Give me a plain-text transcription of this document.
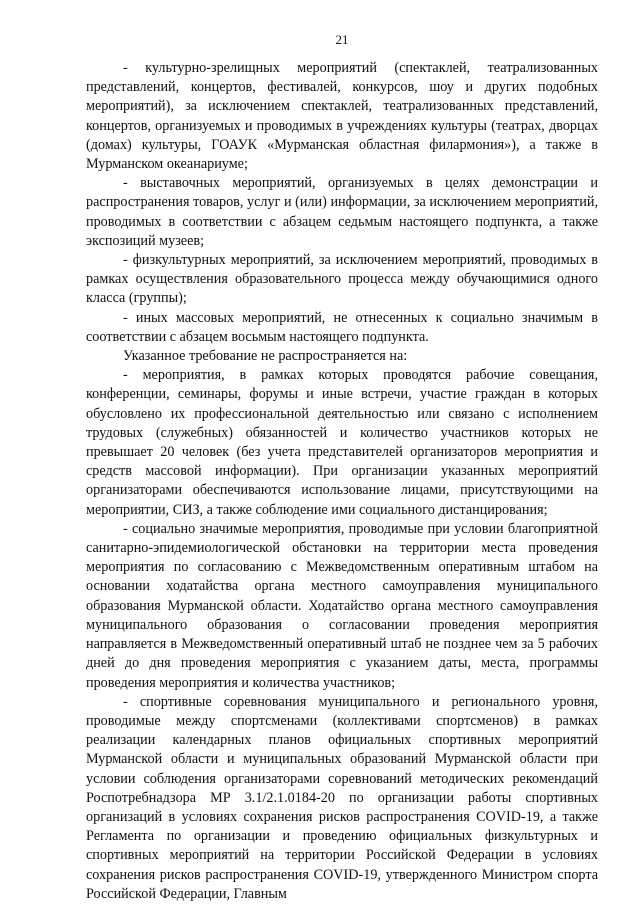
21

- культурно-зрелищных мероприятий (спектаклей, театрализованных представлений, концертов, фестивалей, конкурсов, шоу и других подобных мероприятий), за исключением спектаклей, театрализованных представлений, концертов, организуемых и проводимых в учреждениях культуры (театрах, дворцах (домах) культуры, ГОАУК «Мурманская областная филармония»), а также в Мурманском океанариуме;

- выставочных мероприятий, организуемых в целях демонстрации и распространения товаров, услуг и (или) информации, за исключением мероприятий, проводимых в соответствии с абзацем седьмым настоящего подпункта, а также экспозиций музеев;

- физкультурных мероприятий, за исключением мероприятий, проводимых в рамках осуществления образовательного процесса между обучающимися одного класса (группы);

- иных массовых мероприятий, не отнесенных к социально значимым в соответствии с абзацем восьмым настоящего подпункта.

Указанное требование не распространяется на:

- мероприятия, в рамках которых проводятся рабочие совещания, конференции, семинары, форумы и иные встречи, участие граждан в которых обусловлено их профессиональной деятельностью или связано с исполнением трудовых (служебных) обязанностей и количество участников которых не превышает 20 человек (без учета представителей организаторов мероприятия и средств массовой информации). При организации указанных мероприятий организаторами обеспечиваются использование лицами, присутствующими на мероприятии, СИЗ, а также соблюдение ими социального дистанцирования;

- социально значимые мероприятия, проводимые при условии благоприятной санитарно-эпидемиологической обстановки на территории места проведения мероприятия по согласованию с Межведомственным оперативным штабом на основании ходатайства органа местного самоуправления муниципального образования Мурманской области. Ходатайство органа местного самоуправления муниципального образования о согласовании проведения мероприятия направляется в Межведомственный оперативный штаб не позднее чем за 5 рабочих дней до дня проведения мероприятия с указанием даты, места, программы проведения мероприятия и количества участников;

- спортивные соревнования муниципального и регионального уровня, проводимые между спортсменами (коллективами спортсменов) в рамках реализации календарных планов официальных спортивных мероприятий Мурманской области и муниципальных образований Мурманской области при условии соблюдения организаторами соревнований методических рекомендаций Роспотребнадзора МР 3.1/2.1.0184-20 по организации работы спортивных организаций в условиях сохранения рисков распространения COVID-19, а также Регламента по организации и проведению официальных физкультурных и спортивных мероприятий на территории Российской Федерации в условиях сохранения рисков распространения COVID-19, утвержденного Министром спорта Российской Федерации, Главным
